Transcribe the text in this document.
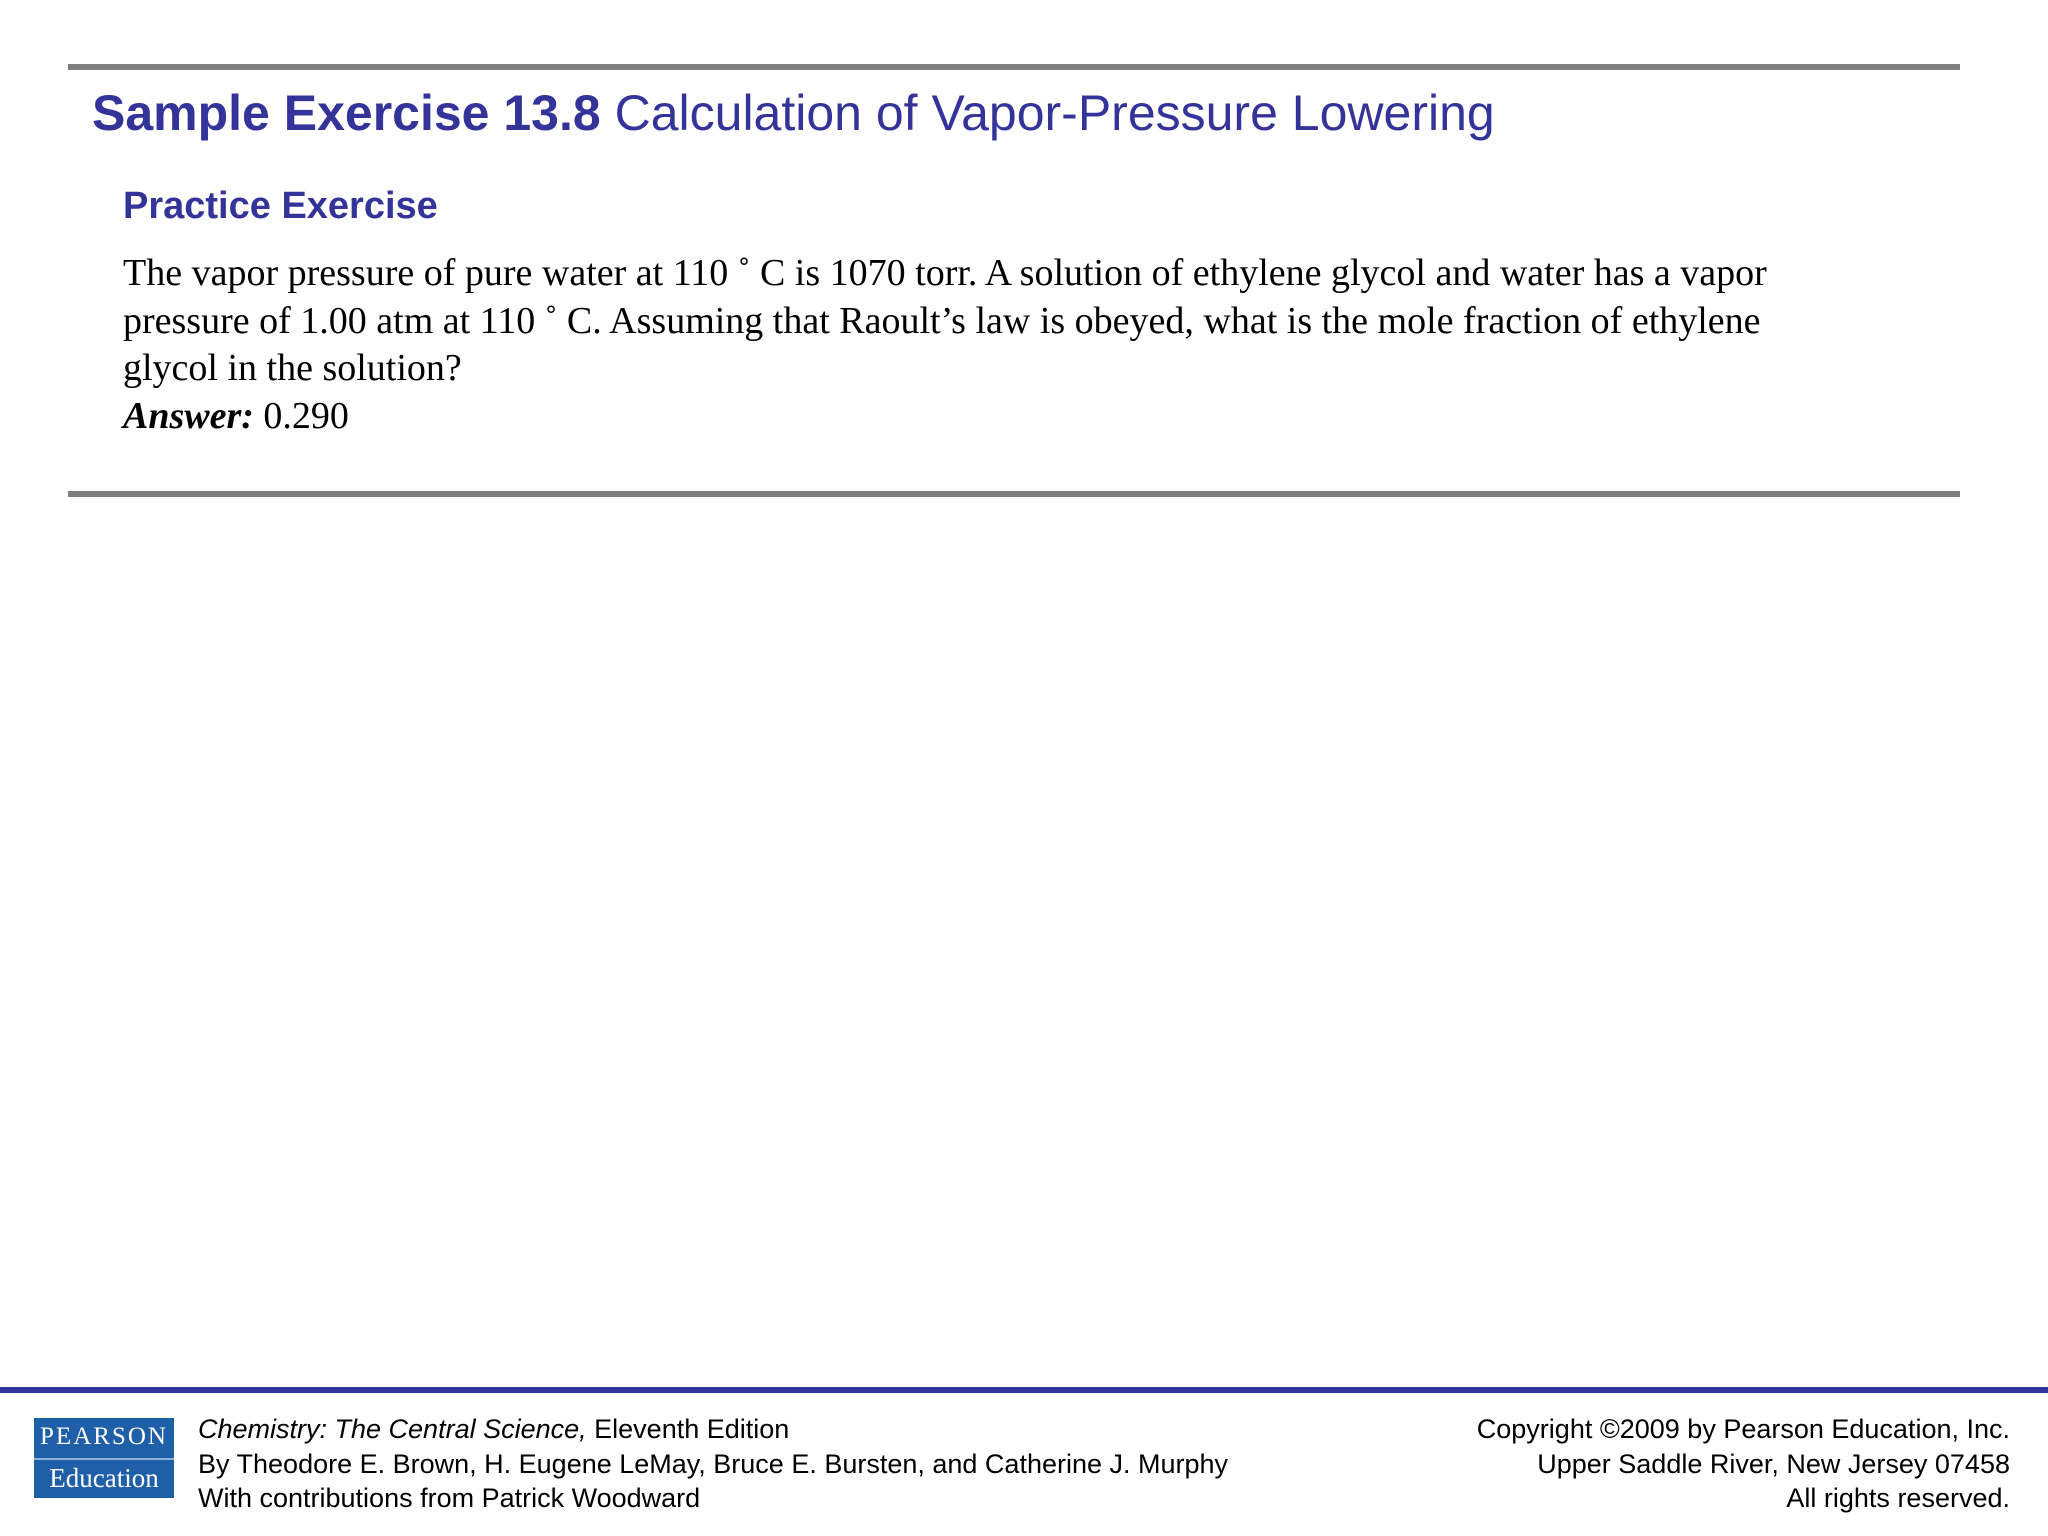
Sample Exercise 13.8 Calculation of Vapor-Pressure Lowering
Practice Exercise
The vapor pressure of pure water at 110 ˚ C is 1070 torr. A solution of ethylene glycol and water has a vapor
pressure of 1.00 atm at 110 ˚ C. Assuming that Raoult’s law is obeyed, what is the mole fraction of ethylene
glycol in the solution?
Answer: 0.290
PEARSON
Education
Chemistry: The Central Science, Eleventh Edition
By Theodore E. Brown, H. Eugene LeMay, Bruce E. Bursten, and Catherine J. Murphy
With contributions from Patrick Woodward
Copyright ©2009 by Pearson Education, Inc.
Upper Saddle River, New Jersey 07458
All rights reserved.
